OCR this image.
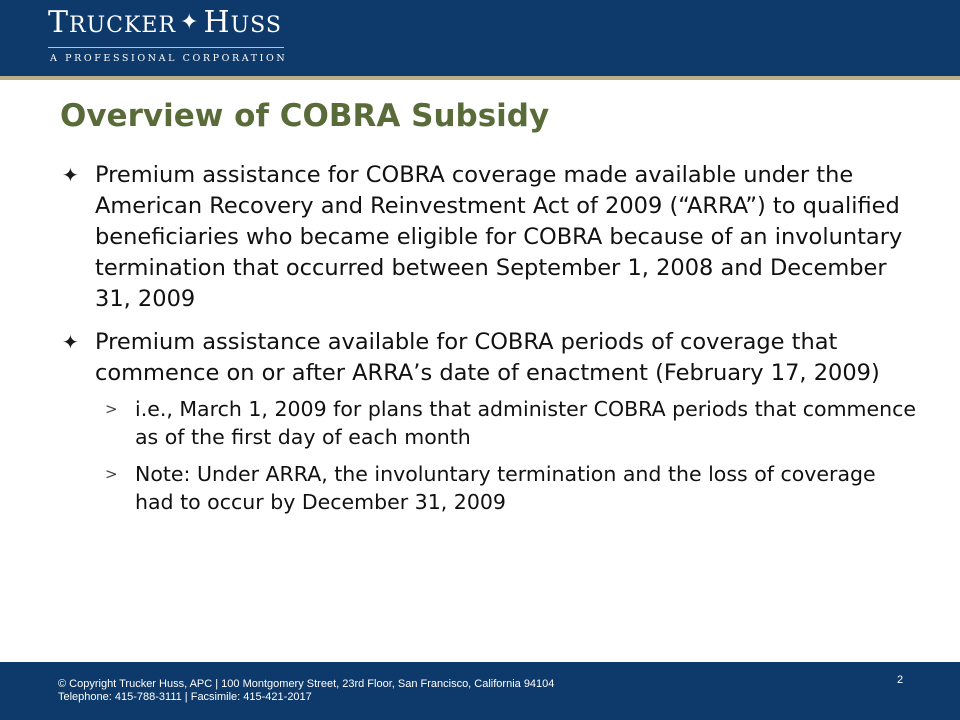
TRUCKER ✦ HUSS
A PROFESSIONAL CORPORATION
Overview of COBRA Subsidy
✦ Premium assistance for COBRA coverage made available under the American Recovery and Reinvestment Act of 2009 (“ARRA”) to qualified beneficiaries who became eligible for COBRA because of an involuntary termination that occurred between September 1, 2008 and December 31, 2009
✦ Premium assistance available for COBRA periods of coverage that commence on or after ARRA’s date of enactment (February 17, 2009)
> i.e., March 1, 2009 for plans that administer COBRA periods that commence as of the first day of each month
> Note: Under ARRA, the involuntary termination and the loss of coverage had to occur by December 31, 2009
© Copyright Trucker Huss, APC | 100 Montgomery Street, 23rd Floor, San Francisco, California 94104
Telephone: 415-788-3111 | Facsimile: 415-421-2017
2
